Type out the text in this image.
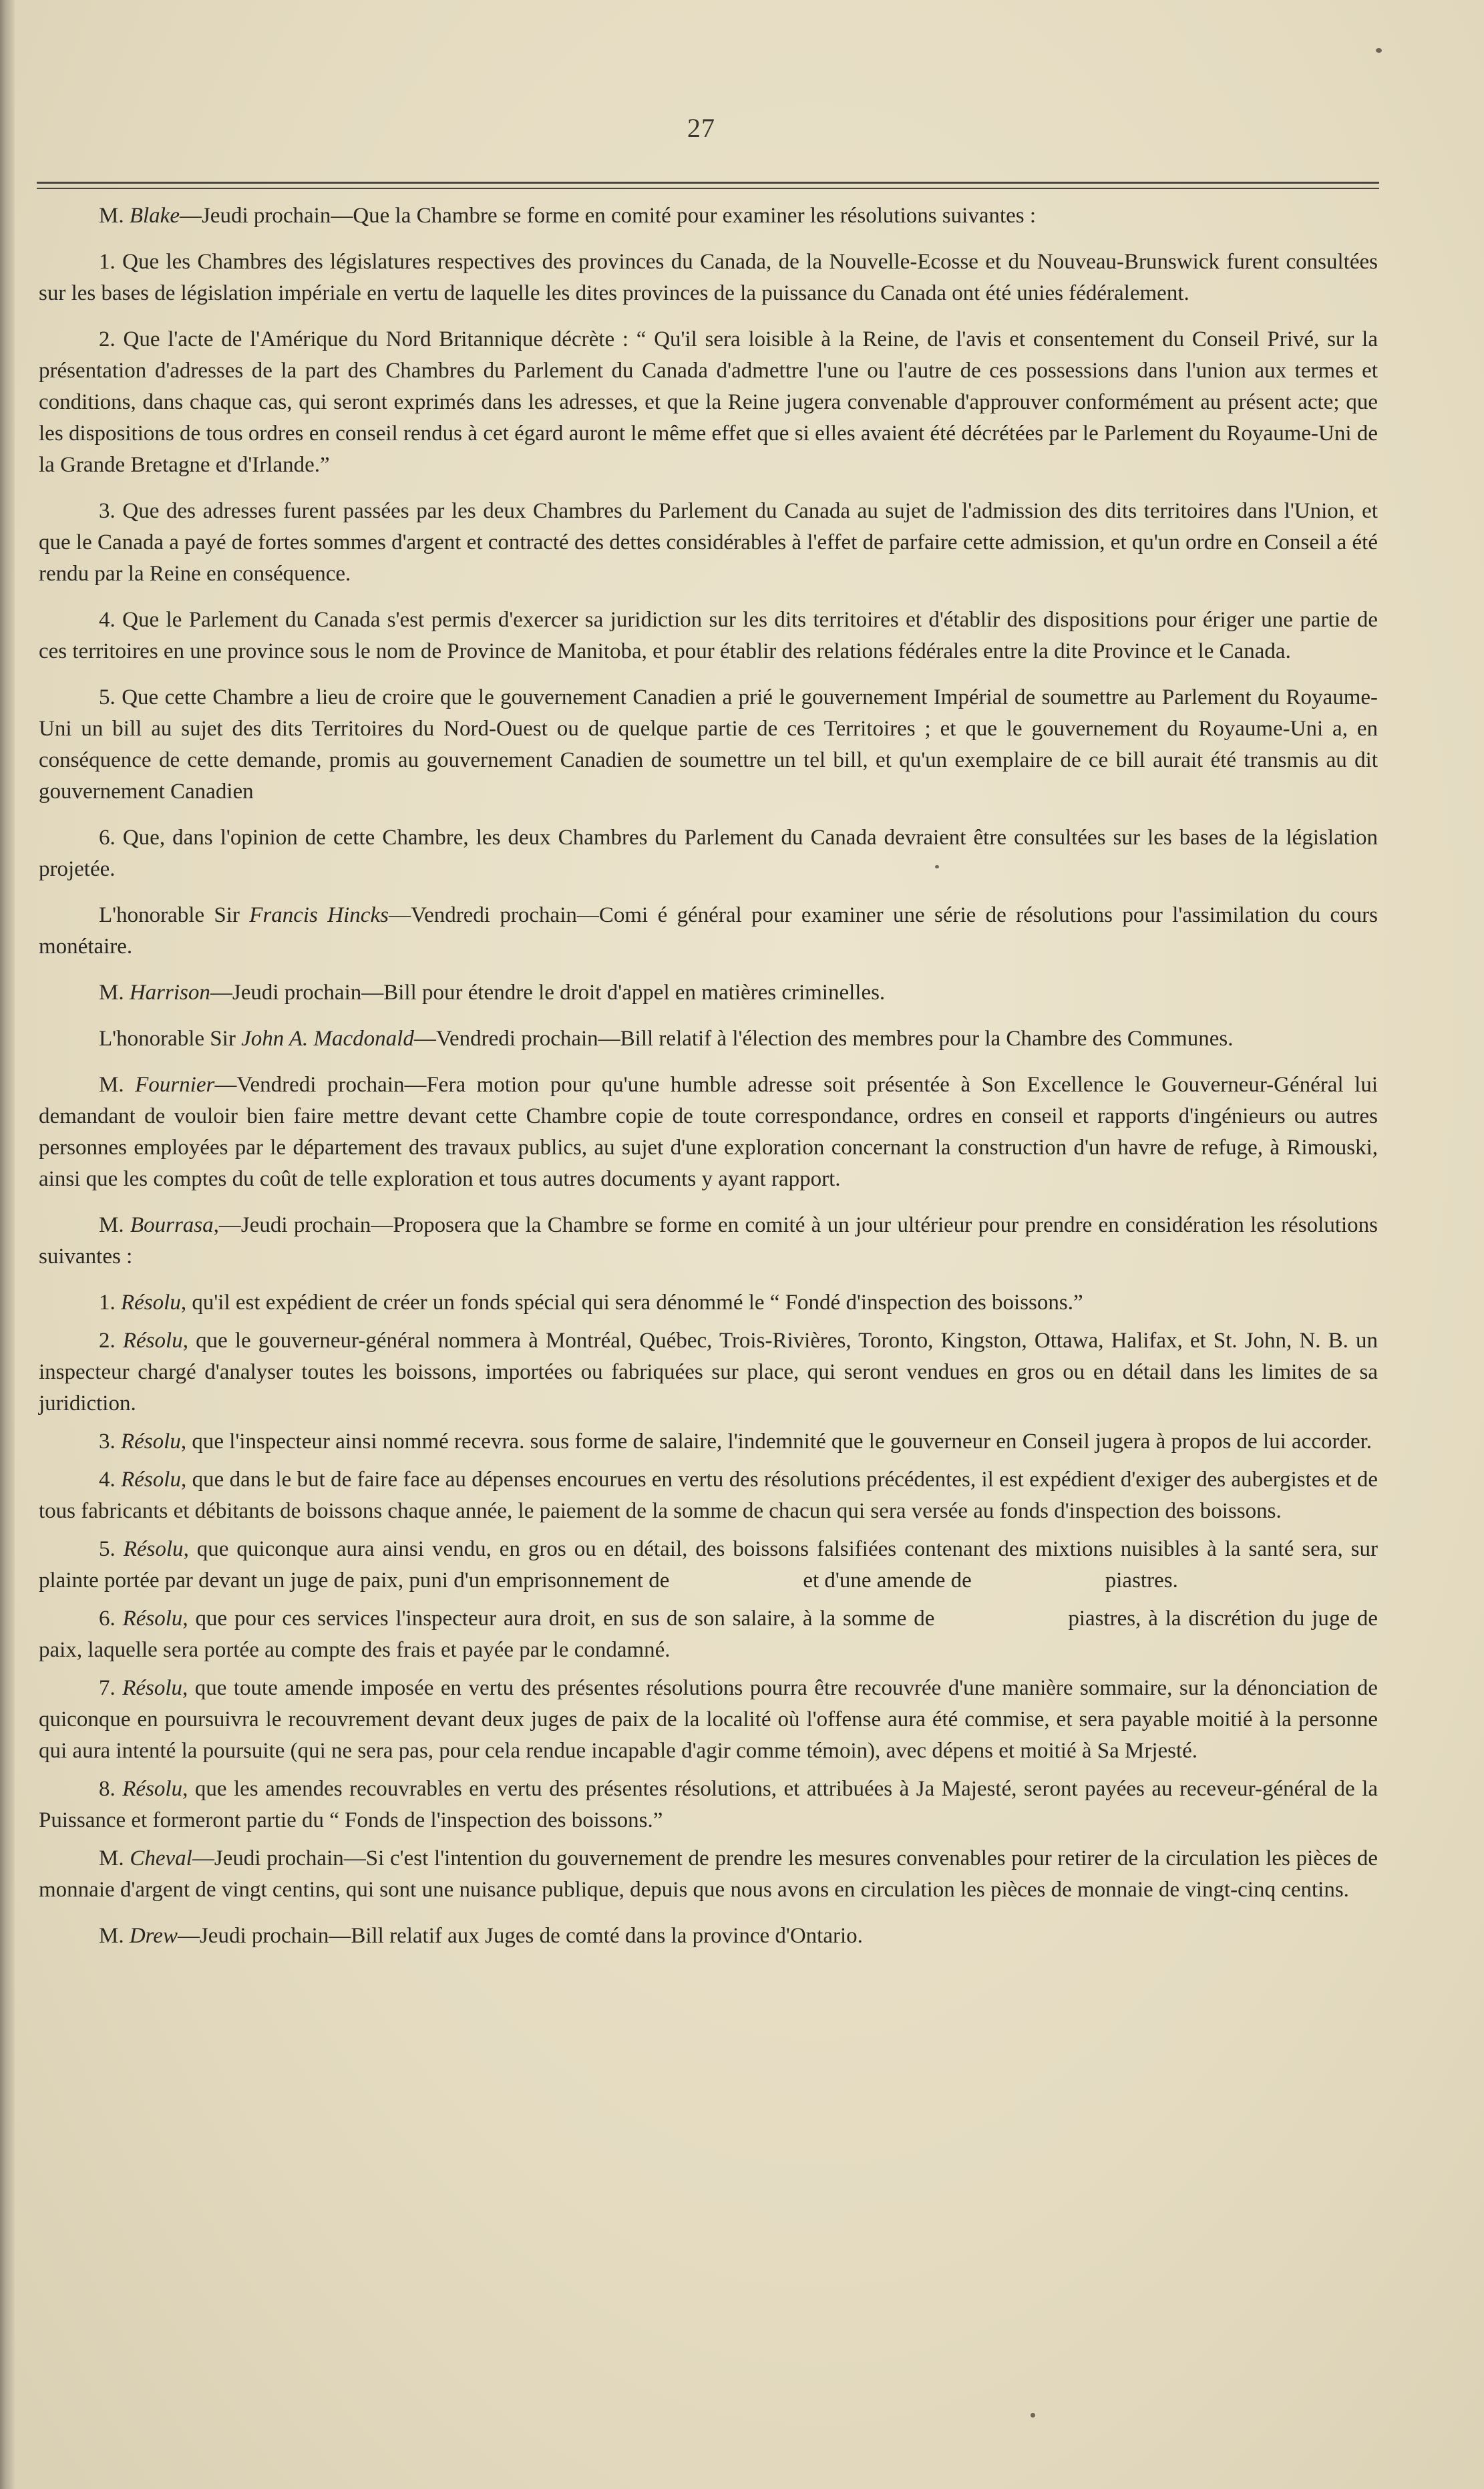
27

M. Blake—Jeudi prochain—Que la Chambre se forme en comité pour examiner les résolutions suivantes :

1. Que les Chambres des législatures respectives des provinces du Canada, de la Nouvelle-Ecosse et du Nouveau-Brunswick furent consultées sur les bases de législation impériale en vertu de laquelle les dites provinces de la puissance du Canada ont été unies fédéralement.

2. Que l'acte de l'Amérique du Nord Britannique décrète : “ Qu'il sera loisible à la Reine, de l'avis et consentement du Conseil Privé, sur la présentation d'adresses de la part des Chambres du Parlement du Canada d'admettre l'une ou l'autre de ces possessions dans l'union aux termes et conditions, dans chaque cas, qui seront exprimés dans les adresses, et que la Reine jugera convenable d'approuver conformément au présent acte; que les dispositions de tous ordres en conseil rendus à cet égard auront le même effet que si elles avaient été décrétées par le Parlement du Royaume-Uni de la Grande Bretagne et d'Irlande.”

3. Que des adresses furent passées par les deux Chambres du Parlement du Canada au sujet de l'admission des dits territoires dans l'Union, et que le Canada a payé de fortes sommes d'argent et contracté des dettes considérables à l'effet de parfaire cette admission, et qu'un ordre en Conseil a été rendu par la Reine en conséquence.

4. Que le Parlement du Canada s'est permis d'exercer sa juridiction sur les dits territoires et d'établir des dispositions pour ériger une partie de ces territoires en une province sous le nom de Province de Manitoba, et pour établir des relations fédérales entre la dite Province et le Canada.

5. Que cette Chambre a lieu de croire que le gouvernement Canadien a prié le gouvernement Impérial de soumettre au Parlement du Royaume-Uni un bill au sujet des dits Territoires du Nord-Ouest ou de quelque partie de ces Territoires ; et que le gouvernement du Royaume-Uni a, en conséquence de cette demande, promis au gouvernement Canadien de soumettre un tel bill, et qu'un exemplaire de ce bill aurait été transmis au dit gouvernement Canadien

6. Que, dans l'opinion de cette Chambre, les deux Chambres du Parlement du Canada devraient être consultées sur les bases de la législation projetée.

L'honorable Sir Francis Hincks—Vendredi prochain—Comi é général pour examiner une série de résolutions pour l'assimilation du cours monétaire.

M. Harrison—Jeudi prochain—Bill pour étendre le droit d'appel en matières criminelles.

L'honorable Sir John A. Macdonald—Vendredi prochain—Bill relatif à l'élection des membres pour la Chambre des Communes.

M. Fournier—Vendredi prochain—Fera motion pour qu'une humble adresse soit présentée à Son Excellence le Gouverneur-Général lui demandant de vouloir bien faire mettre devant cette Chambre copie de toute correspondance, ordres en conseil et rapports d'ingénieurs ou autres personnes employées par le département des travaux publics, au sujet d'une exploration concernant la construction d'un havre de refuge, à Rimouski, ainsi que les comptes du coût de telle exploration et tous autres documents y ayant rapport.

M. Bourrasa,—Jeudi prochain—Proposera que la Chambre se forme en comité à un jour ultérieur pour prendre en considération les résolutions suivantes :

1. Résolu, qu'il est expédient de créer un fonds spécial qui sera dénommé le “ Fondé d'inspection des boissons.”

2. Résolu, que le gouverneur-général nommera à Montréal, Québec, Trois-Rivières, Toronto, Kingston, Ottawa, Halifax, et St. John, N. B. un inspecteur chargé d'analyser toutes les boissons, importées ou fabriquées sur place, qui seront vendues en gros ou en détail dans les limites de sa juridiction.

3. Résolu, que l'inspecteur ainsi nommé recevra. sous forme de salaire, l'indemnité que le gouverneur en Conseil jugera à propos de lui accorder.

4. Résolu, que dans le but de faire face au dépenses encourues en vertu des résolutions précédentes, il est expédient d'exiger des aubergistes et de tous fabricants et débitants de boissons chaque année, le paiement de la somme de chacun qui sera versée au fonds d'inspection des boissons.

5. Résolu, que quiconque aura ainsi vendu, en gros ou en détail, des boissons falsifiées contenant des mixtions nuisibles à la santé sera, sur plainte portée par devant un juge de paix, puni d'un emprisonnement de	et d'une amende de	piastres.

6. Résolu, que pour ces services l'inspecteur aura droit, en sus de son salaire, à la somme de	piastres, à la discrétion du juge de paix, laquelle sera portée au compte des frais et payée par le condamné.

7. Résolu, que toute amende imposée en vertu des présentes résolutions pourra être recouvrée d'une manière sommaire, sur la dénonciation de quiconque en poursuivra le recouvrement devant deux juges de paix de la localité où l'offense aura été commise, et sera payable moitié à la personne qui aura intenté la poursuite (qui ne sera pas, pour cela rendue incapable d'agir comme témoin), avec dépens et moitié à Sa Mrjesté.

8. Résolu, que les amendes recouvrables en vertu des présentes résolutions, et attribuées à Ja Majesté, seront payées au receveur-général de la Puissance et formeront partie du “ Fonds de l'inspection des boissons.”

M. Cheval—Jeudi prochain—Si c'est l'intention du gouvernement de prendre les mesures convenables pour retirer de la circulation les pièces de monnaie d'argent de vingt centins, qui sont une nuisance publique, depuis que nous avons en circulation les pièces de monnaie de vingt-cinq centins.

M. Drew—Jeudi prochain—Bill relatif aux Juges de comté dans la province d'Ontario.
